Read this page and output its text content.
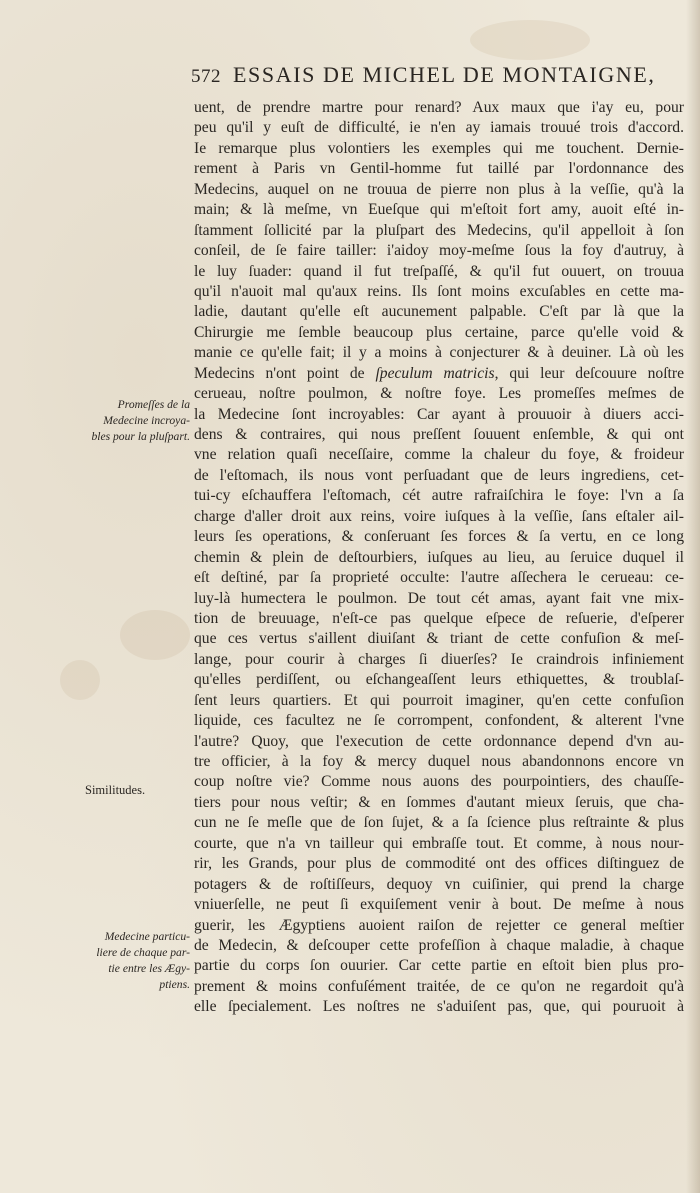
572 ESSAIS DE MICHEL DE MONTAIGNE,
Promeſſes de la
Medecine incroya-
bles pour la pluſpart.
Similitudes.
Medecine particu-
liere de chaque par-
tie entre les Ægy-
ptiens.
uent, de prendre martre pour renard? Aux maux que i'ay eu, pour
peu qu'il y euſt de difficulté, ie n'en ay iamais trouué trois d'accord.
Ie remarque plus volontiers les exemples qui me touchent. Dernie-
rement à Paris vn Gentil-homme fut taillé par l'ordonnance des
Medecins, auquel on ne trouua de pierre non plus à la veſſie, qu'à la
main; & là meſme, vn Eueſque qui m'eſtoit fort amy, auoit eſté in-
ſtamment ſollicité par la pluſpart des Medecins, qu'il appelloit à ſon
conſeil, de ſe faire tailler: i'aidoy moy-meſme ſous la foy d'autruy, à
le luy ſuader: quand il fut treſpaſſé, & qu'il fut ouuert, on trouua
qu'il n'auoit mal qu'aux reins. Ils ſont moins excuſables en cette ma-
ladie, dautant qu'elle eſt aucunement palpable. C'eſt par là que la
Chirurgie me ſemble beaucoup plus certaine, parce qu'elle void &
manie ce qu'elle fait; il y a moins à conjecturer & à deuiner. Là où les
Medecins n'ont point de ſpeculum matricis, qui leur deſcouure noſtre
cerueau, noſtre poulmon, & noſtre foye. Les promeſſes meſmes de
la Medecine ſont incroyables: Car ayant à prouuoir à diuers acci-
dens & contraires, qui nous preſſent ſouuent enſemble, & qui ont
vne relation quaſi neceſſaire, comme la chaleur du foye, & froideur
de l'eſtomach, ils nous vont perſuadant que de leurs ingrediens, cet-
tui-cy eſchauffera l'eſtomach, cét autre rafraiſchira le foye: l'vn a ſa
charge d'aller droit aux reins, voire iuſques à la veſſie, ſans eſtaler ail-
leurs ſes operations, & conſeruant ſes forces & ſa vertu, en ce long
chemin & plein de deſtourbiers, iuſques au lieu, au ſeruice duquel il
eſt deſtiné, par ſa proprieté occulte: l'autre aſſechera le cerueau: ce-
luy-là humectera le poulmon. De tout cét amas, ayant fait vne mix-
tion de breuuage, n'eſt-ce pas quelque eſpece de reſuerie, d'eſperer
que ces vertus s'aillent diuiſant & triant de cette confuſion & meſ-
lange, pour courir à charges ſi diuerſes? Ie craindrois infiniement
qu'elles perdiſſent, ou eſchangeaſſent leurs ethiquettes, & troublaſ-
ſent leurs quartiers. Et qui pourroit imaginer, qu'en cette confuſion
liquide, ces facultez ne ſe corrompent, confondent, & alterent l'vne
l'autre? Quoy, que l'execution de cette ordonnance depend d'vn au-
tre officier, à la foy & mercy duquel nous abandonnons encore vn
coup noſtre vie? Comme nous auons des pourpointiers, des chauſſe-
tiers pour nous veſtir; & en ſommes d'autant mieux ſeruis, que cha-
cun ne ſe meſle que de ſon ſujet, & a ſa ſcience plus reſtrainte & plus
courte, que n'a vn tailleur qui embraſſe tout. Et comme, à nous nour-
rir, les Grands, pour plus de commodité ont des offices diſtinguez de
potagers & de roſtiſſeurs, dequoy vn cuiſinier, qui prend la charge
vniuerſelle, ne peut ſi exquiſement venir à bout. De meſme à nous
guerir, les Ægyptiens auoient raiſon de rejetter ce general meſtier
de Medecin, & deſcouper cette profeſſion à chaque maladie, à chaque
partie du corps ſon ouurier. Car cette partie en eſtoit bien plus pro-
prement & moins confuſément traitée, de ce qu'on ne regardoit qu'à
elle ſpecialement. Les noſtres ne s'aduiſent pas, que, qui pouruoit à
